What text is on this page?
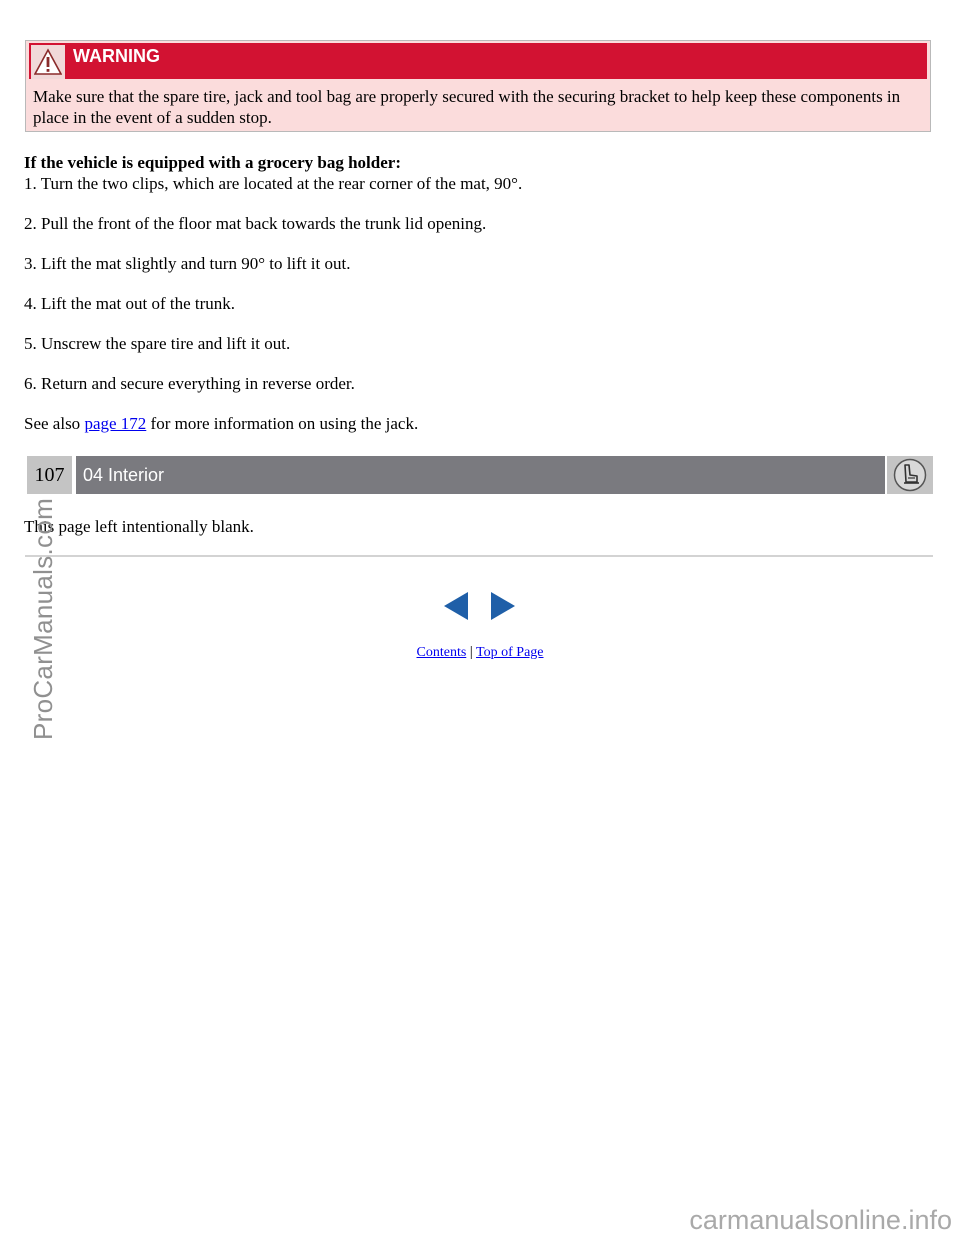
WARNING
Make sure that the spare tire, jack and tool bag are properly secured with the securing bracket to help keep these components in place in the event of a sudden stop.

If the vehicle is equipped with a grocery bag holder:

1. Turn the two clips, which are located at the rear corner of the mat, 90°.
2. Pull the front of the floor mat back towards the trunk lid opening.
3. Lift the mat slightly and turn 90° to lift it out.
4. Lift the mat out of the trunk.
5. Unscrew the spare tire and lift it out.
6. Return and secure everything in reverse order.
See also page 172 for more information on using the jack.
107	04 Interior
This page left intentionally blank.
Contents | Top of Page
ProCarManuals.com
carmanualsonline.info
